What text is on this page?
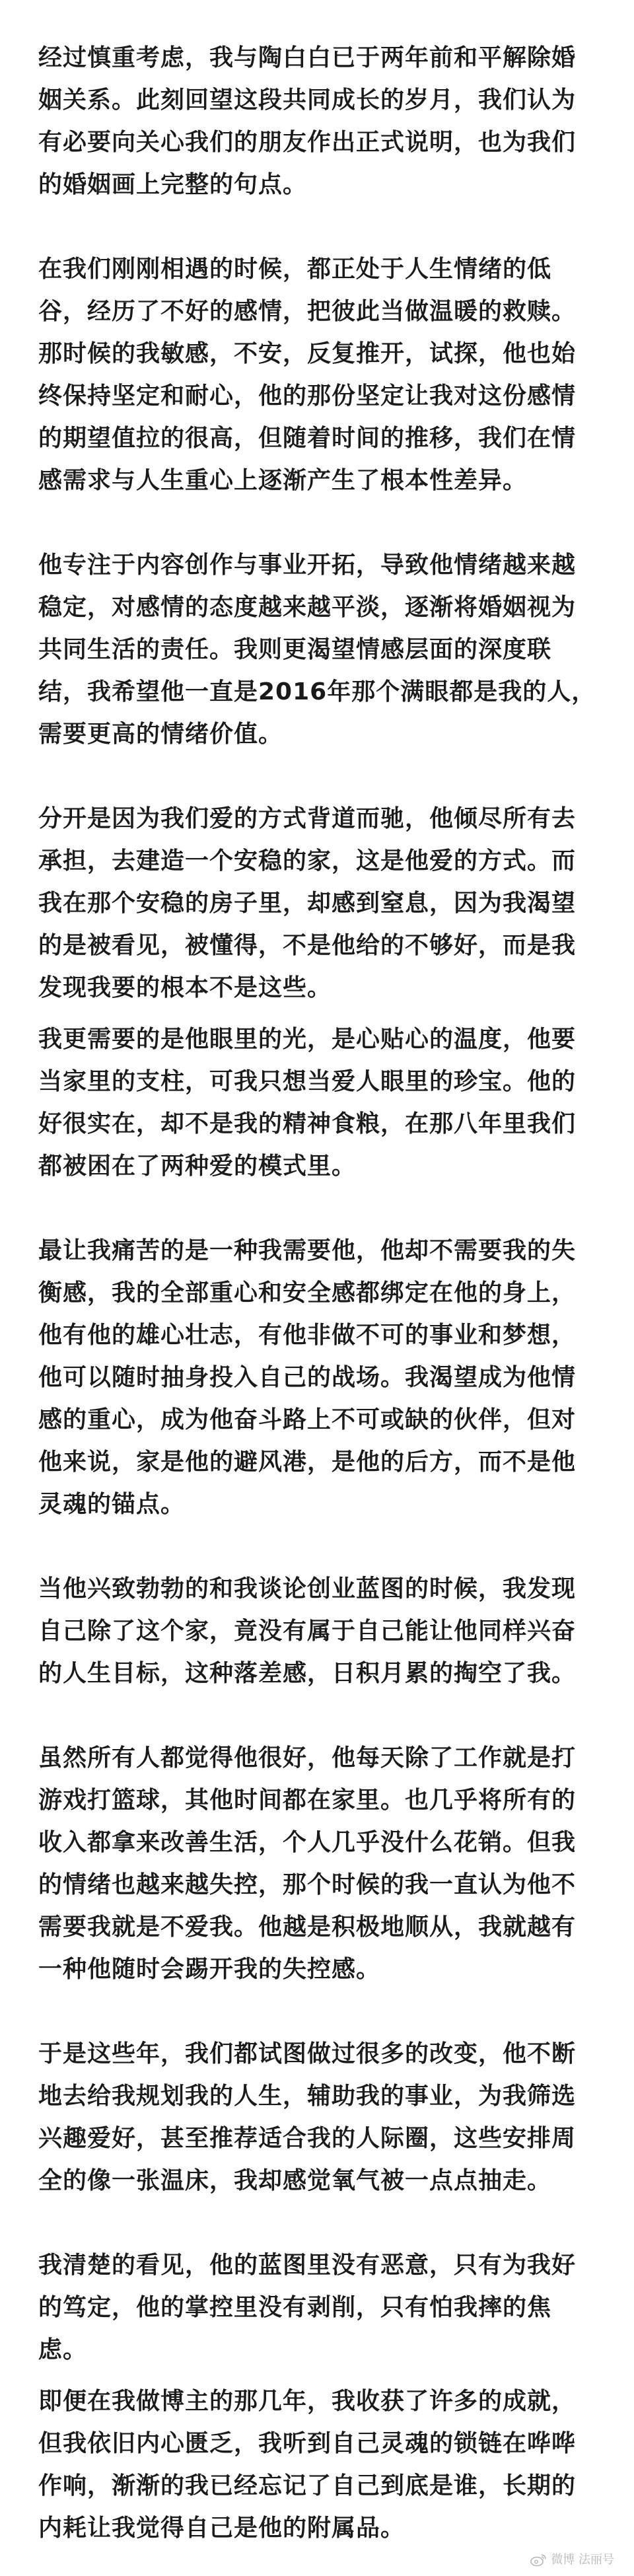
经过慎重考虑，我与陶白白已于两年前和平解除婚
姻关系。此刻回望这段共同成长的岁月，我们认为
有必要向关心我们的朋友作出正式说明，也为我们
的婚姻画上完整的句点。
在我们刚刚相遇的时候，都正处于人生情绪的低
谷，经历了不好的感情，把彼此当做温暖的救赎。
那时候的我敏感，不安，反复推开，试探，他也始
终保持坚定和耐心，他的那份坚定让我对这份感情
的期望值拉的很高，但随着时间的推移，我们在情
感需求与人生重心上逐渐产生了根本性差异。
他专注于内容创作与事业开拓，导致他情绪越来越
稳定，对感情的态度越来越平淡，逐渐将婚姻视为
共同生活的责任。我则更渴望情感层面的深度联
结，我希望他一直是2016年那个满眼都是我的人，
需要更高的情绪价值。
分开是因为我们爱的方式背道而驰，他倾尽所有去
承担，去建造一个安稳的家，这是他爱的方式。而
我在那个安稳的房子里，却感到窒息，因为我渴望
的是被看见，被懂得，不是他给的不够好，而是我
发现我要的根本不是这些。
我更需要的是他眼里的光，是心贴心的温度，他要
当家里的支柱，可我只想当爱人眼里的珍宝。他的
好很实在，却不是我的精神食粮，在那八年里我们
都被困在了两种爱的模式里。
最让我痛苦的是一种我需要他，他却不需要我的失
衡感，我的全部重心和安全感都绑定在他的身上，
他有他的雄心壮志，有他非做不可的事业和梦想，
他可以随时抽身投入自己的战场。我渴望成为他情
感的重心，成为他奋斗路上不可或缺的伙伴，但对
他来说，家是他的避风港，是他的后方，而不是他
灵魂的锚点。
当他兴致勃勃的和我谈论创业蓝图的时候，我发现
自己除了这个家，竟没有属于自己能让他同样兴奋
的人生目标，这种落差感，日积月累的掏空了我。
虽然所有人都觉得他很好，他每天除了工作就是打
游戏打篮球，其他时间都在家里。也几乎将所有的
收入都拿来改善生活，个人几乎没什么花销。但我
的情绪也越来越失控，那个时候的我一直认为他不
需要我就是不爱我。他越是积极地顺从，我就越有
一种他随时会踢开我的失控感。
于是这些年，我们都试图做过很多的改变，他不断
地去给我规划我的人生，辅助我的事业，为我筛选
兴趣爱好，甚至推荐适合我的人际圈，这些安排周
全的像一张温床，我却感觉氧气被一点点抽走。
我清楚的看见，他的蓝图里没有恶意，只有为我好
的笃定，他的掌控里没有剥削，只有怕我摔的焦
虑。
即便在我做博主的那几年，我收获了许多的成就，
但我依旧内心匮乏，我听到自己灵魂的锁链在哗哗
作响，渐渐的我已经忘记了自己到底是谁，长期的
内耗让我觉得自己是他的附属品。
微博 法丽号
